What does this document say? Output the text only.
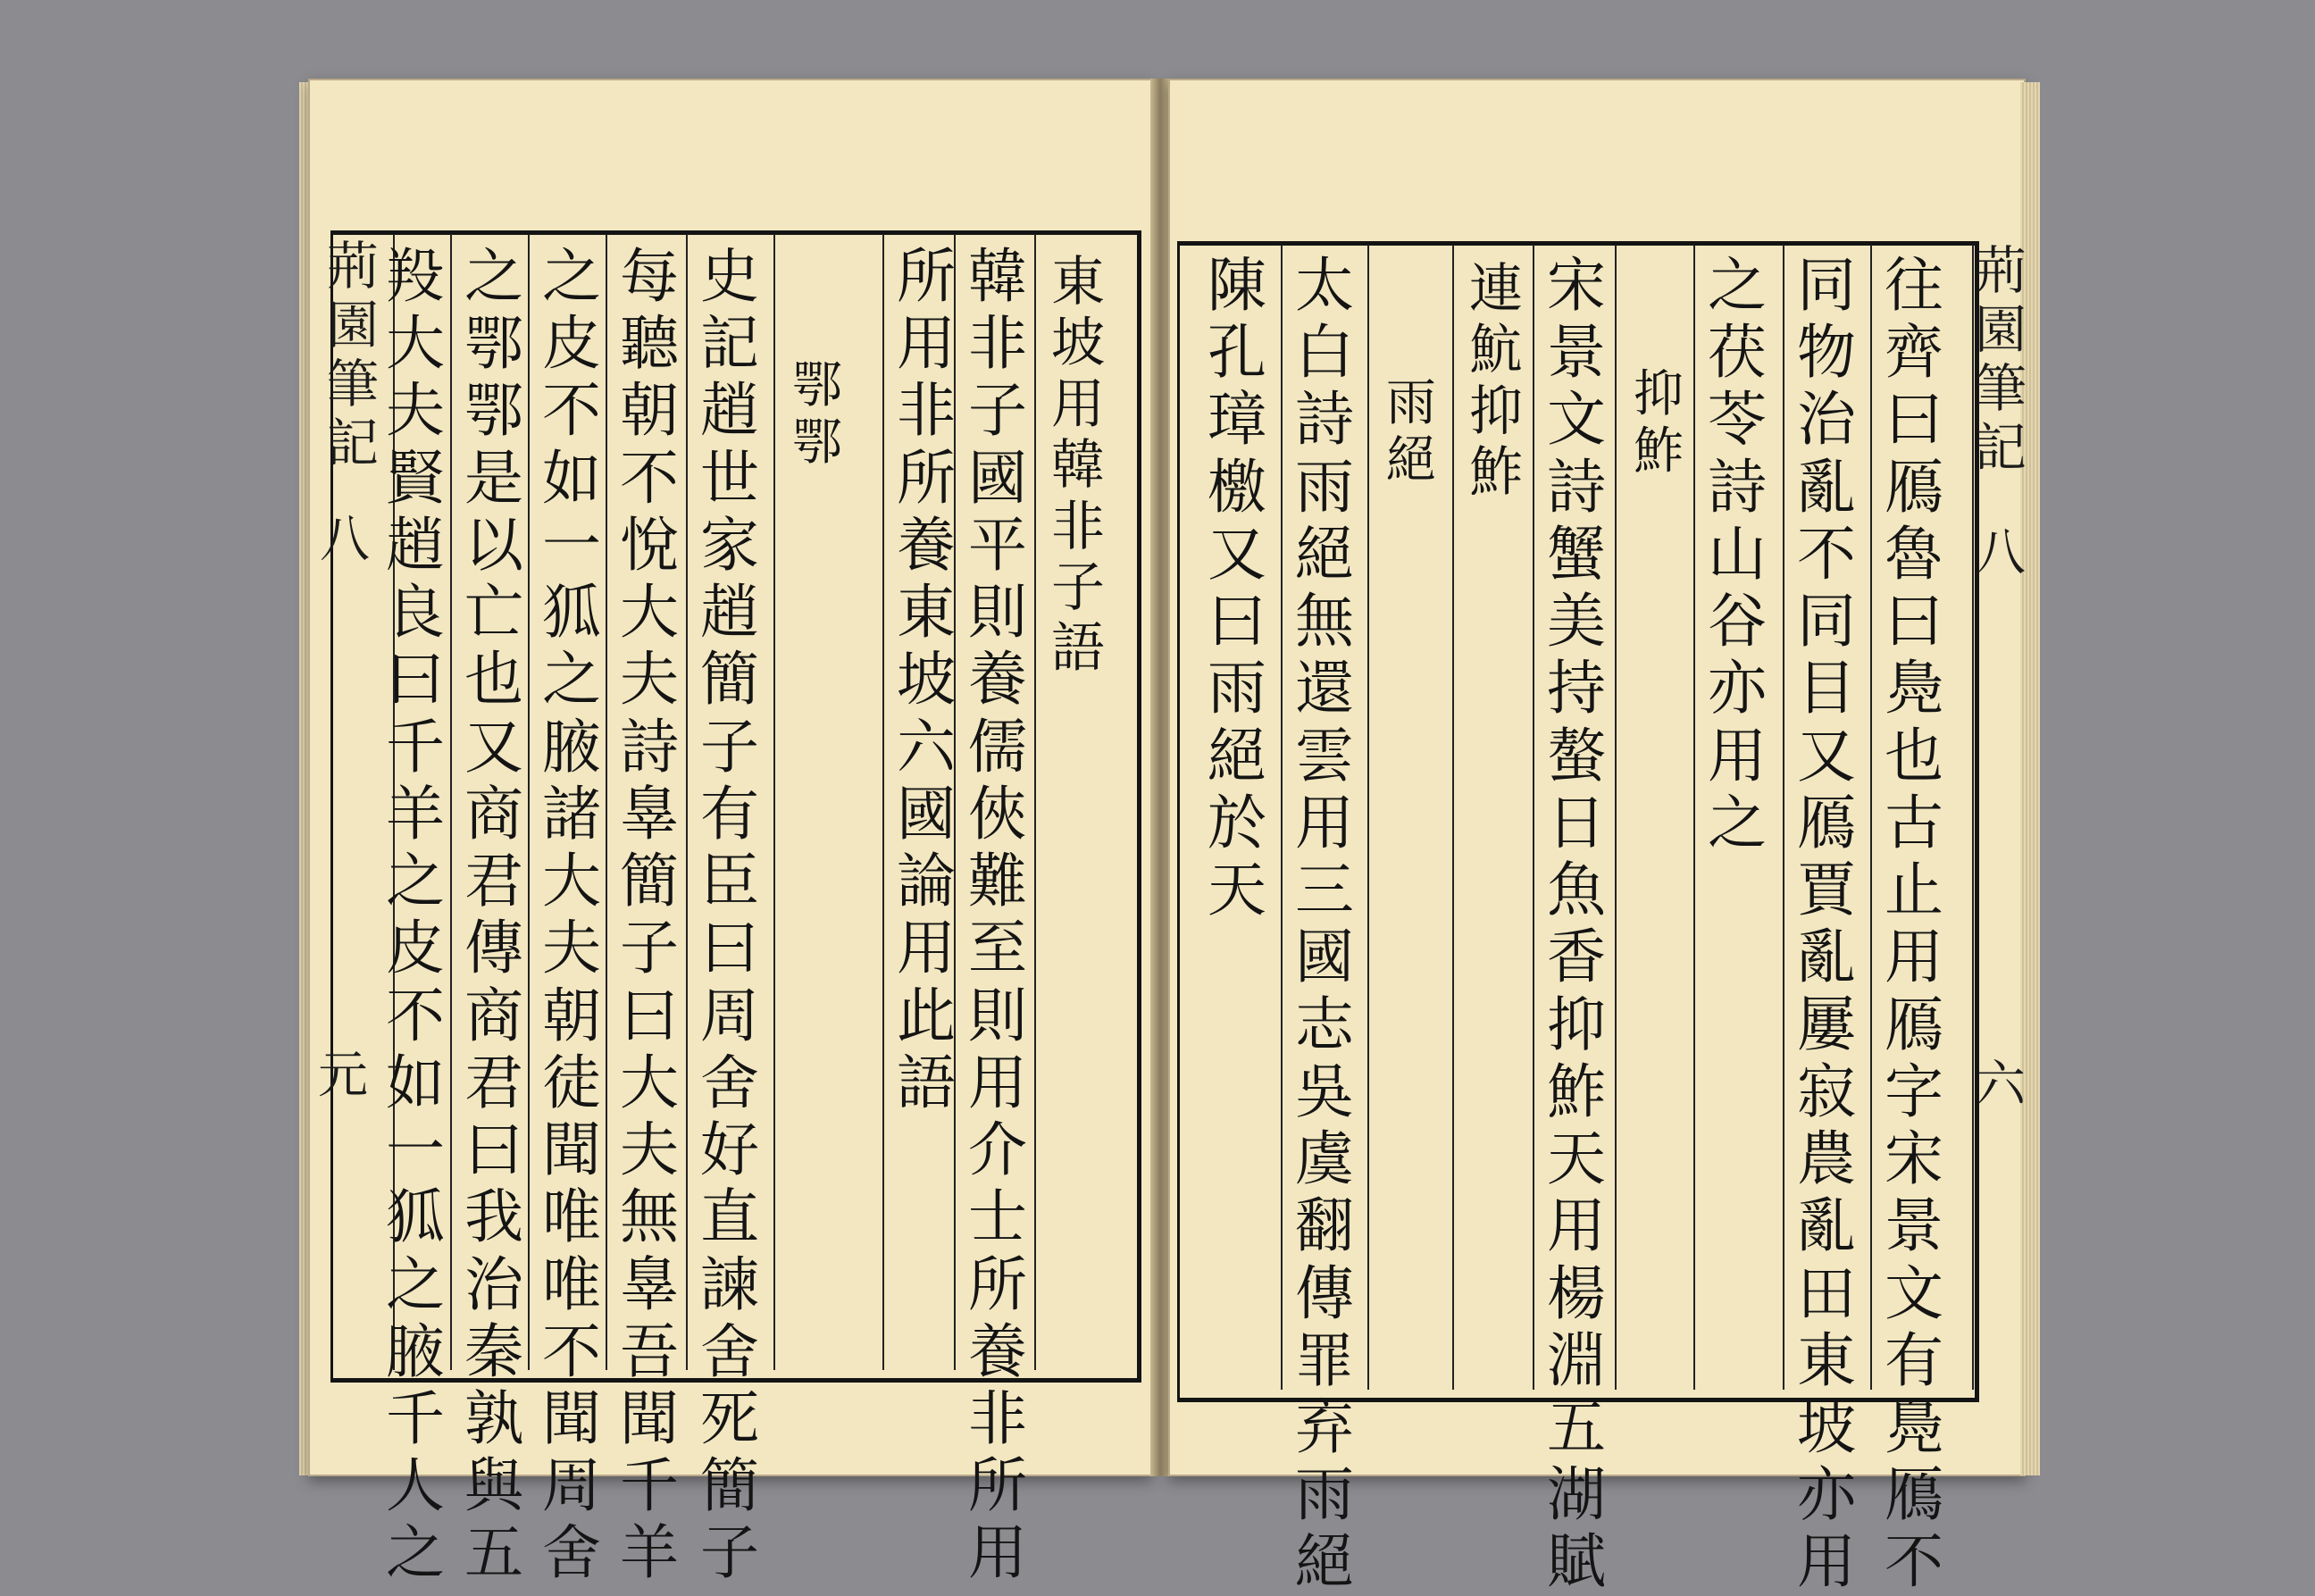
荊
園
筆
記
八
元
東
坡
用
韓
非
子
語
韓
非
子
國
平
則
養
儒
俠
難
至
則
用
介
士
所
養
非
所
用
所
用
非
所
養
東
坡
六
國
論
用
此
語
鄂
鄂
史
記
趙
世
家
趙
簡
子
有
臣
曰
周
舍
好
直
諫
舍
死
簡
子
每
聽
朝
不
悅
大
夫
詩
辠
簡
子
曰
大
夫
無
辠
吾
聞
千
羊
之
皮
不
如
一
狐
之
腋
諸
大
夫
朝
徒
聞
唯
唯
不
聞
周
舍
之
鄂
鄂
是
以
亡
也
又
商
君
傳
商
君
曰
我
治
秦
孰
與
五
羖
大
夫
賢
趙
良
曰
千
羊
之
皮
不
如
一
狐
之
腋
千
人
之
荊
園
筆
記
八
六
往
齊
曰
鴈
魯
曰
鳧
也
古
止
用
鴈
字
宋
景
文
有
鳧
鴈
不
同
物
治
亂
不
同
目
又
鴈
賈
亂
屢
寂
農
亂
田
東
坡
亦
用
之
茯
苓
詩
山
谷
亦
用
之
抑
鮓
宋
景
文
詩
蟹
美
持
螯
日
魚
香
抑
鮓
天
用
楊
淵
五
湖
賦
連
魧
抑
鮓
雨
絕
太
白
詩
雨
絕
無
還
雲
用
三
國
志
吳
虞
翻
傳
罪
弃
雨
絕
陳
孔
璋
檄
又
曰
雨
絕
於
天
